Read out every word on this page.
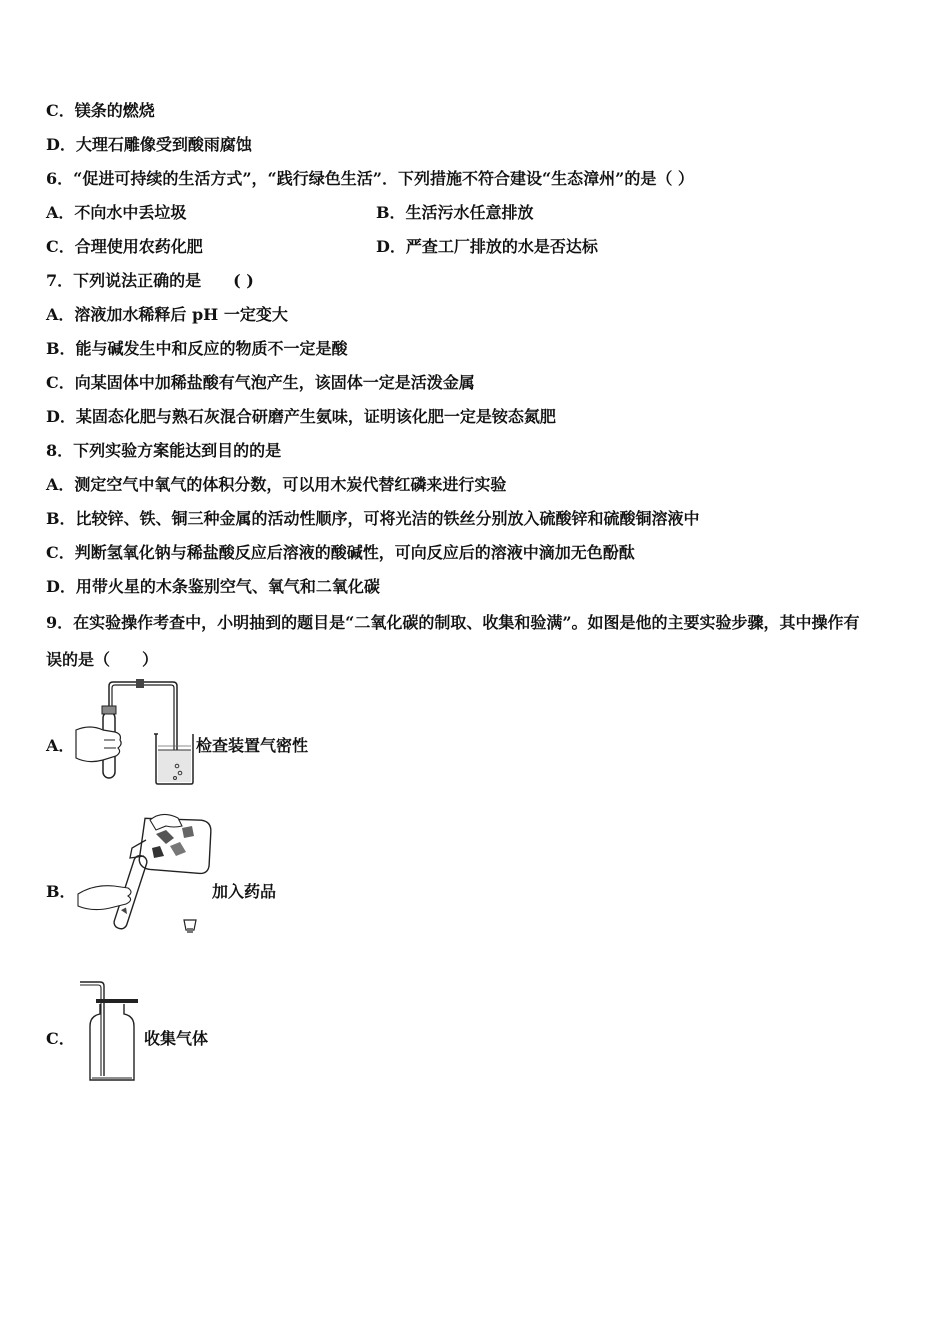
C．镁条的燃烧
D．大理石雕像受到酸雨腐蚀
6．“促进可持续的生活方式”，“践行绿色生活”．下列措施不符合建设“生态漳州”的是（ ）
A．不向水中丢垃圾	B．生活污水任意排放
C．合理使用农药化肥	D．严查工厂排放的水是否达标
7．下列说法正确的是　　( )
A．溶液加水稀释后 pH 一定变大
B．能与碱发生中和反应的物质不一定是酸
C．向某固体中加稀盐酸有气泡产生，该固体一定是活泼金属
D．某固态化肥与熟石灰混合研磨产生氨味，证明该化肥一定是铵态氮肥
8．下列实验方案能达到目的的是
A．测定空气中氧气的体积分数，可以用木炭代替红磷来进行实验
B．比较锌、铁、铜三种金属的活动性顺序，可将光洁的铁丝分别放入硫酸锌和硫酸铜溶液中
C．判断氢氧化钠与稀盐酸反应后溶液的酸碱性，可向反应后的溶液中滴加无色酚酞
D．用带火星的木条鉴别空气、氧气和二氧化碳
9．在实验操作考查中，小明抽到的题目是“二氧化碳的制取、收集和验满”。如图是他的主要实验步骤，其中操作有
误的是（　　）
A．	检查装置气密性
B．	加入药品
C．	收集气体
